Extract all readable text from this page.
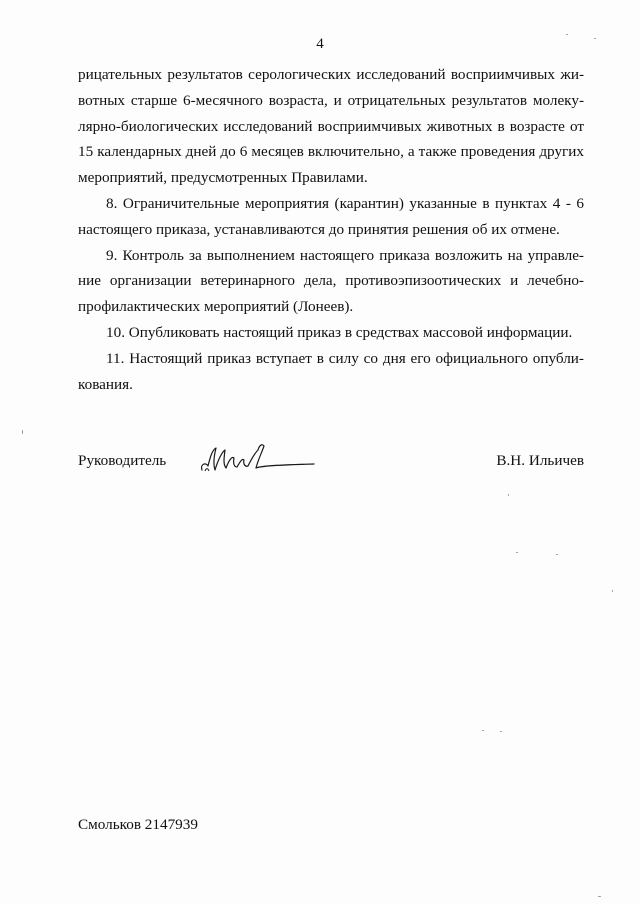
4
рицательных результатов серологических исследований восприимчивых жи-
вотных старше 6-месячного возраста, и отрицательных результатов молеку-
лярно-биологических исследований восприимчивых животных в возрасте от
15 календарных дней до 6 месяцев включительно, а также проведения других
мероприятий, предусмотренных Правилами.
8. Ограничительные мероприятия (карантин) указанные в пунктах 4 - 6
настоящего приказа, устанавливаются до принятия решения об их отмене.
9. Контроль за выполнением настоящего приказа возложить на управле-
ние организации ветеринарного дела, противоэпизоотических и лечебно-
профилактических мероприятий (Лонеев).
10. Опубликовать настоящий приказ в средствах массовой информации.
11. Настоящий приказ вступает в силу со дня его официального опубли-
кования.
Руководитель	В.Н. Ильичев
Смольков 2147939
